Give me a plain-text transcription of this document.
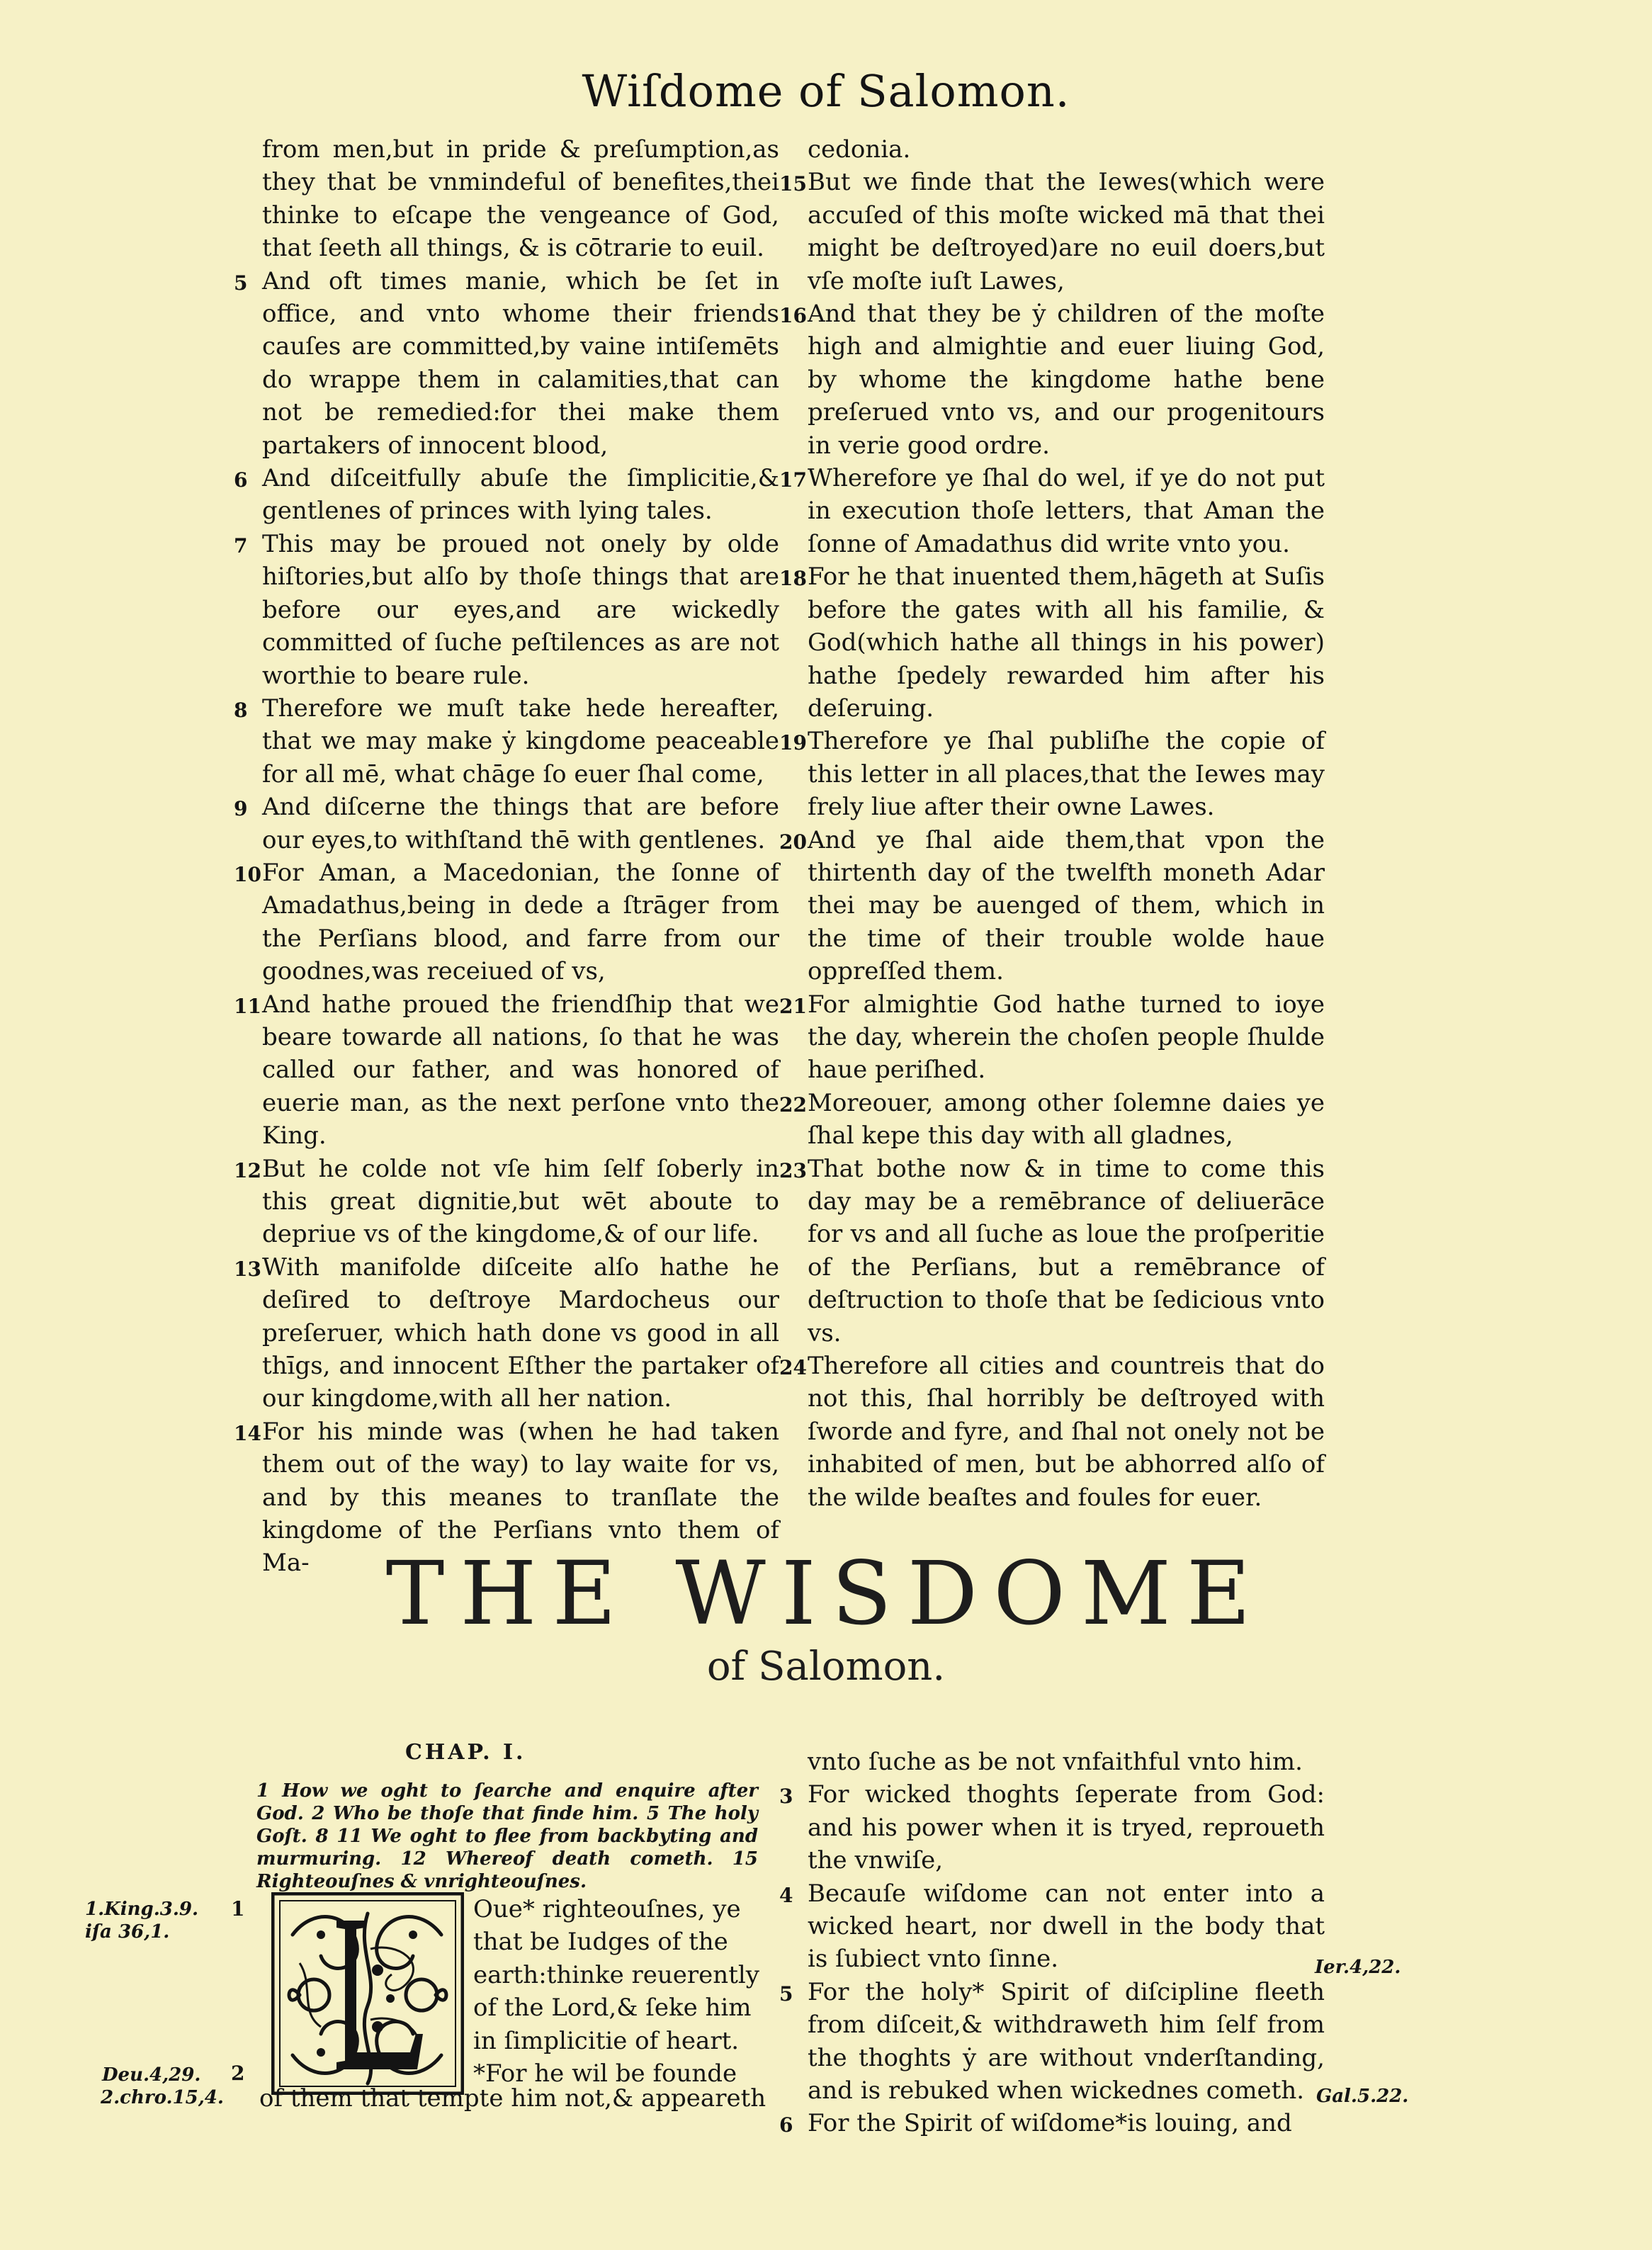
Wiſdome of Salomon.
from men,but in pride & preſumption,as they that be vnmindeful of benefites,thei thinke to eſcape the vengeance of God, that ſeeth all things, & is cōtrarie to euil.
5 And oft times manie, which be ſet in office, and vnto whome their friends cauſes are committed,by vaine intiſemēts do wrappe them in calamities,that can not be remedied:for thei make them partakers of innocent blood,
6 And diſceitfully abuſe the ſimplicitie,& gentlenes of princes with lying tales.
7 This may be proued not onely by olde hiſtories,but alſo by thoſe things that are before our eyes,and are wickedly committed of ſuche peſtilences as are not worthie to beare rule.
8 Therefore we muſt take hede hereafter, that we may make ẏ kingdome peaceable for all mē, what chāge ſo euer ſhal come,
9 And diſcerne the things that are before our eyes,to withſtand thē with gentlenes.
10 For Aman, a Macedonian, the ſonne of Amadathus,being in dede a ſtrāger from the Perſians blood, and farre from our goodnes,was receiued of vs,
11 And hathe proued the friendſhip that we beare towarde all nations, ſo that he was called our father, and was honored of euerie man, as the next perſone vnto the King.
12 But he colde not vſe him ſelf ſoberly in this great dignitie,but wēt aboute to depriue vs of the kingdome,& of our life.
13 With manifolde diſceite alſo hathe he deſired to deſtroye Mardocheus our preſeruer, which hath done vs good in all thīgs, and innocent Eſther the partaker of our kingdome,with all her nation.
14 For his minde was (when he had taken them out of the way) to lay waite for vs, and by this meanes to tranſlate the kingdome of the Perſians vnto them of Ma-
cedonia.
15 But we finde that the Iewes(which were accuſed of this moſte wicked mā that thei might be deſtroyed)are no euil doers,but vſe moſte iuſt Lawes,
16 And that they be ẏ children of the moſte high and almightie and euer liuing God, by whome the kingdome hathe bene preſerued vnto vs, and our progenitours in verie good ordre.
17 Wherefore ye ſhal do wel, if ye do not put in execution thoſe letters, that Aman the ſonne of Amadathus did write vnto you.
18 For he that inuented them,hāgeth at Suſis before the gates with all his familie, & God(which hathe all things in his power) hathe ſpedely rewarded him after his deſeruing.
19 Therefore ye ſhal publiſhe the copie of this letter in all places,that the Iewes may frely liue after their owne Lawes.
20 And ye ſhal aide them,that vpon the thirtenth day of the twelfth moneth Adar thei may be auenged of them, which in the time of their trouble wolde haue oppreſſed them.
21 For almightie God hathe turned to ioye the day, wherein the choſen people ſhulde haue periſhed.
22 Moreouer, among other ſolemne daies ye ſhal kepe this day with all gladnes,
23 That bothe now & in time to come this day may be a remēbrance of deliuerāce for vs and all ſuche as loue the proſperitie of the Perſians, but a remēbrance of deſtruction to thoſe that be ſedicious vnto vs.
24 Therefore all cities and countreis that do not this, ſhal horribly be deſtroyed with ſworde and fyre, and ſhal not onely not be inhabited of men, but be abhorred alſo of the wilde beaſtes and foules for euer.
THE WISDOME
of Salomon.
CHAP. I.
1 How we oght to ſearche and enquire after God. 2 Who be thoſe that finde him. 5 The holy Goſt. 8 11 We oght to flee from backbyting and murmuring. 12 Whereof death cometh. 15 Righteouſnes & vnrighteouſnes.
1.King.3.9.
iſa 36,1.
Deu.4,29.
2.chro.15,4.
Ier.4,22.
Gal.5.22.
1
2
Oue* righteouſnes, ye
that be Iudges of the
earth:thinke reuerently
of the Lord,& ſeke him
in ſimplicitie of heart.
*For he wil be founde
of them that tempte him not,& appeareth
vnto ſuche as be not vnfaithful vnto him.
3 For wicked thoghts ſeperate from God: and his power when it is tryed, reproueth the vnwiſe,
4 Becauſe wiſdome can not enter into a wicked heart, nor dwell in the body that is ſubiect vnto ſinne.
5 For the holy* Spirit of diſcipline fleeth from diſceit,& withdraweth him ſelf from the thoghts ẏ are without vnderſtanding, and is rebuked when wickednes cometh.
6 For the Spirit of wiſdome*is louing, and
